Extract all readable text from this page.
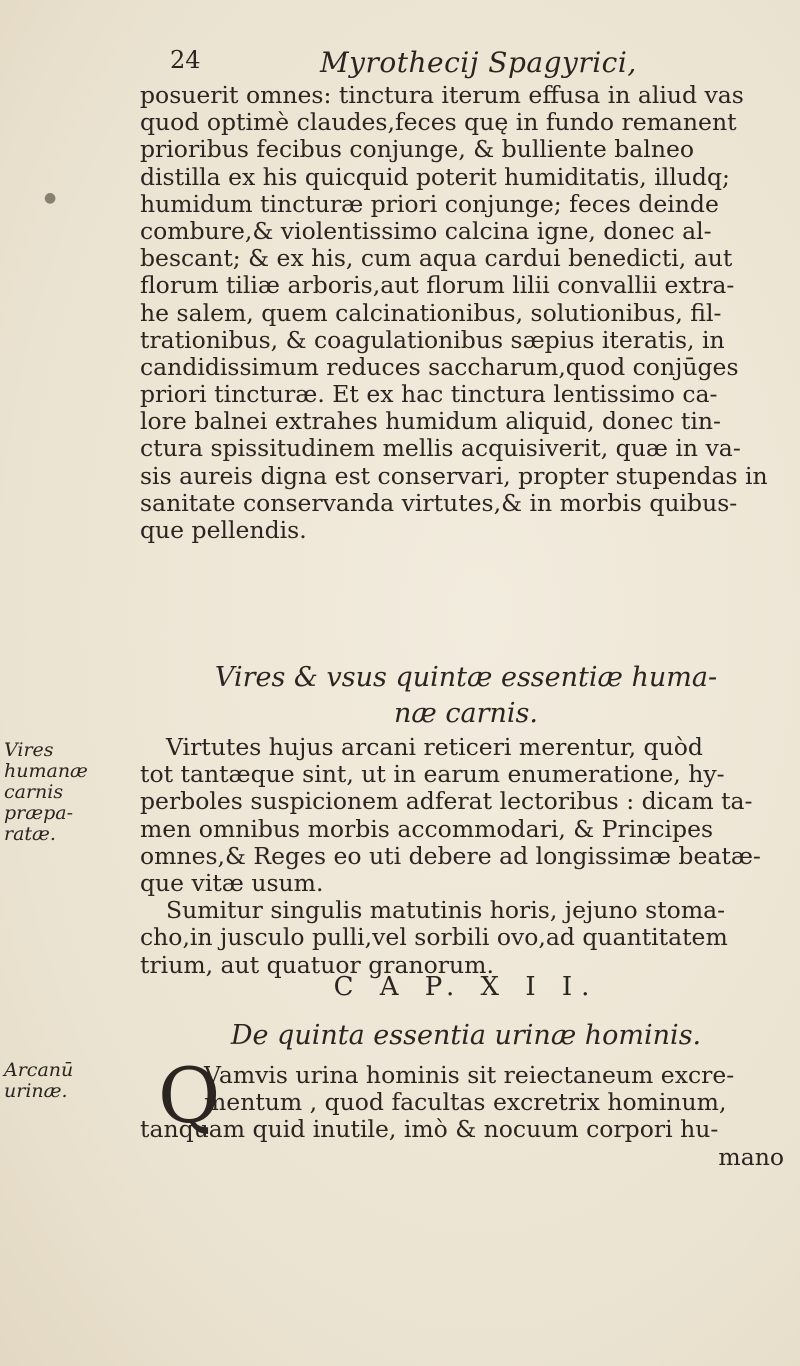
●
24	Myrothecij Spagyrici,
posuerit omnes: tinctura iterum effusa in aliud vas
quod optimè claudes,feces quę in fundo remanent
prioribus fecibus conjunge, & bulliente balneo
distilla ex his quicquid poterit humiditatis, illudq;
humidum tincturæ priori conjunge; feces deinde
combure,& violentissimo calcina igne, donec al-
bescant; & ex his, cum aqua cardui benedicti, aut
florum tiliæ arboris,aut florum lilii convallii extra-
he salem, quem calcinationibus, solutionibus, fil-
trationibus, & coagulationibus sæpius iteratis, in
candidissimum reduces saccharum,quod conjūges
priori tincturæ. Et ex hac tinctura lentissimo ca-
lore balnei extrahes humidum aliquid, donec tin-
ctura spissitudinem mellis acquisiverit, quæ in va-
sis aureis digna est conservari, propter stupendas in
sanitate conservanda virtutes,& in morbis quibus-
que pellendis.
Vires & vsus quintæ essentiæ huma-
næ carnis.
Vires
humanæ
carnis
præpa-
ratæ.
Virtutes hujus arcani reticeri merentur, quòd
tot tantæque sint, ut in earum enumeratione, hy-
perboles suspicionem adferat lectoribus : dicam ta-
men omnibus morbis accommodari, & Principes
omnes,& Reges eo uti debere ad longissimæ beatæ-
que vitæ usum.
Sumitur singulis matutinis horis, jejuno stoma-
cho,in jusculo pulli,vel sorbili ovo,ad quantitatem
trium, aut quatuor granorum.
C A P. X I I.
De quinta essentia urinæ hominis.
Arcanū
urinæ.	Q
Vamvis urina hominis sit reiectaneum excre-
mentum , quod facultas excretrix hominum,
tanquam quid inutile, imò & nocuum corpori hu-
mano
